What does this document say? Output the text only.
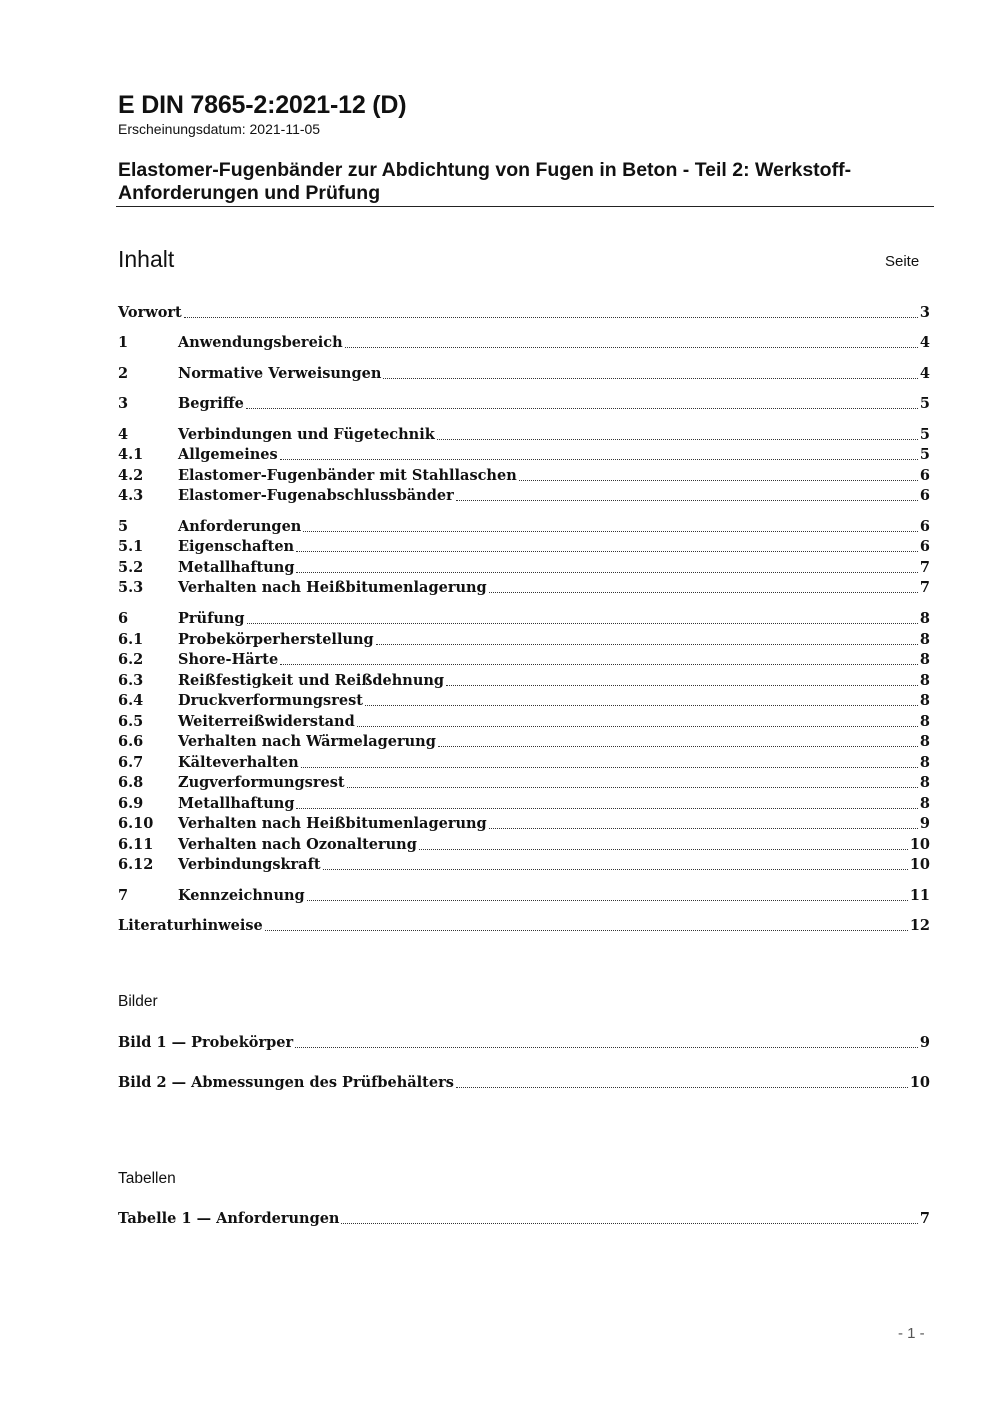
E DIN 7865-2:2021-12 (D)
Erscheinungsdatum: 2021-11-05
Elastomer-Fugenbänder zur Abdichtung von Fugen in Beton - Teil 2: Werkstoff-Anforderungen und Prüfung
Inhalt	Seite
Vorwort	3
1	Anwendungsbereich	4
2	Normative Verweisungen	4
3	Begriffe	5
4	Verbindungen und Fügetechnik	5
4.1	Allgemeines	5
4.2	Elastomer-Fugenbänder mit Stahllaschen	6
4.3	Elastomer-Fugenabschlussbänder	6
5	Anforderungen	6
5.1	Eigenschaften	6
5.2	Metallhaftung	7
5.3	Verhalten nach Heißbitumenlagerung	7
6	Prüfung	8
6.1	Probekörperherstellung	8
6.2	Shore-Härte	8
6.3	Reißfestigkeit und Reißdehnung	8
6.4	Druckverformungsrest	8
6.5	Weiterreißwiderstand	8
6.6	Verhalten nach Wärmelagerung	8
6.7	Kälteverhalten	8
6.8	Zugverformungsrest	8
6.9	Metallhaftung	8
6.10	Verhalten nach Heißbitumenlagerung	9
6.11	Verhalten nach Ozonalterung	10
6.12	Verbindungskraft	10
7	Kennzeichnung	11
Literaturhinweise	12
Bilder
Bild 1 — Probekörper	9
Bild 2 — Abmessungen des Prüfbehälters	10
Tabellen
Tabelle 1 — Anforderungen	7
- 1 -
